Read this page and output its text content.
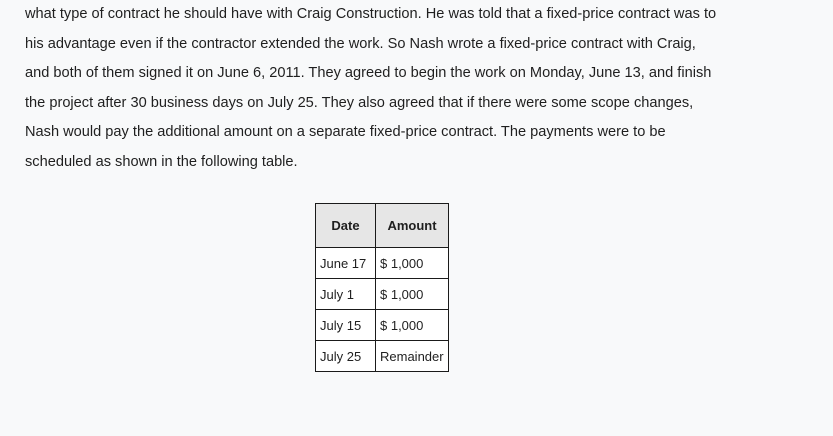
what type of contract he should have with Craig Construction. He was told that a fixed-price contract was to
his advantage even if the contractor extended the work. So Nash wrote a fixed-price contract with Craig,
and both of them signed it on June 6, 2011. They agreed to begin the work on Monday, June 13, and finish
the project after 30 business days on July 25. They also agreed that if there were some scope changes,
Nash would pay the additional amount on a separate fixed-price contract. The payments were to be
scheduled as shown in the following table.
Date	Amount
June 17	$ 1,000
July 1	$ 1,000
July 15	$ 1,000
July 25	Remainder
